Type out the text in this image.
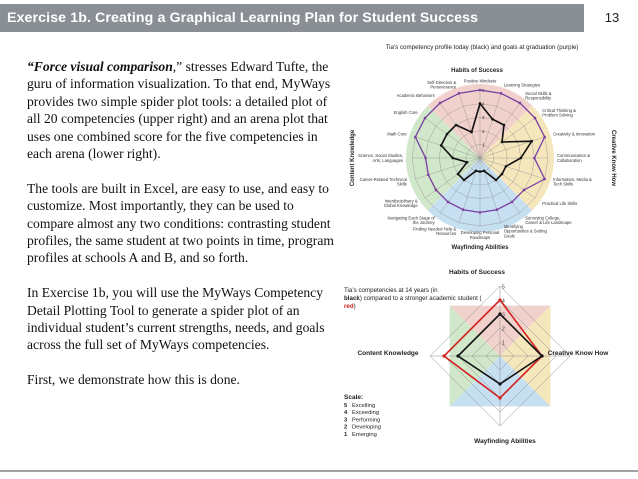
Exercise 1b. Creating a Graphical Learning Plan for Student Success	13

“Force visual comparison,” stresses Edward Tufte, the guru of information visualization. To that end, MyWays provides two simple spider plot tools: a detailed plot of all 20 competencies (upper right) and an arena plot that uses one combined score for the five competencies in each arena (lower right).

The tools are built in Excel, are easy to use, and easy to customize. Most importantly, they can be used to compare almost any two conditions: contrasting student profiles, the same student at two points in time, program profiles at schools A and B, and so forth.

In Exercise 1b, you will use the MyWays Competency Detail Plotting Tool to generate a spider plot of an individual student’s current strengths, needs, and goals across the full set of MyWays competencies.

First, we demonstrate how this is done.

Tia’s competency profile today (black) and goals at graduation (purple)
Habits of Success
Wayfinding Abilities
Content Knowledge	Creative Know How
Positive Mindsets
Learning Strategies
Social Skills & Responsibility
Critical Thinking & Problem Solving
Creativity & Innovation
Communication & Collaboration
Information, Media & Tech Skills
Practical Life Skills
Surveying College, Career & Life Landscape
Identifying Opportunities & Setting Goals
Developing Personal Roadmaps
Finding Needed Help & Resources
Navigating Each Stage of the Journey
Interdisciplinary & Global Knowledge
Career-Related Technical Skills
Science, Social Studies, Arts, Languages
Math Core
English Core
Academic Behaviors
Self-Direction & Perseverance
1
2
3
4
5
Habits of Success
1
2
3
4
5
Tia’s competencies at 14 years (in
black) compared to a stronger academic student (
red)
Content Knowledge	Creative Know How
Wayfinding Abilities
Scale:
5 Excelling
4 Exceeding
3 Performing
2 Developing
1 Emerging
